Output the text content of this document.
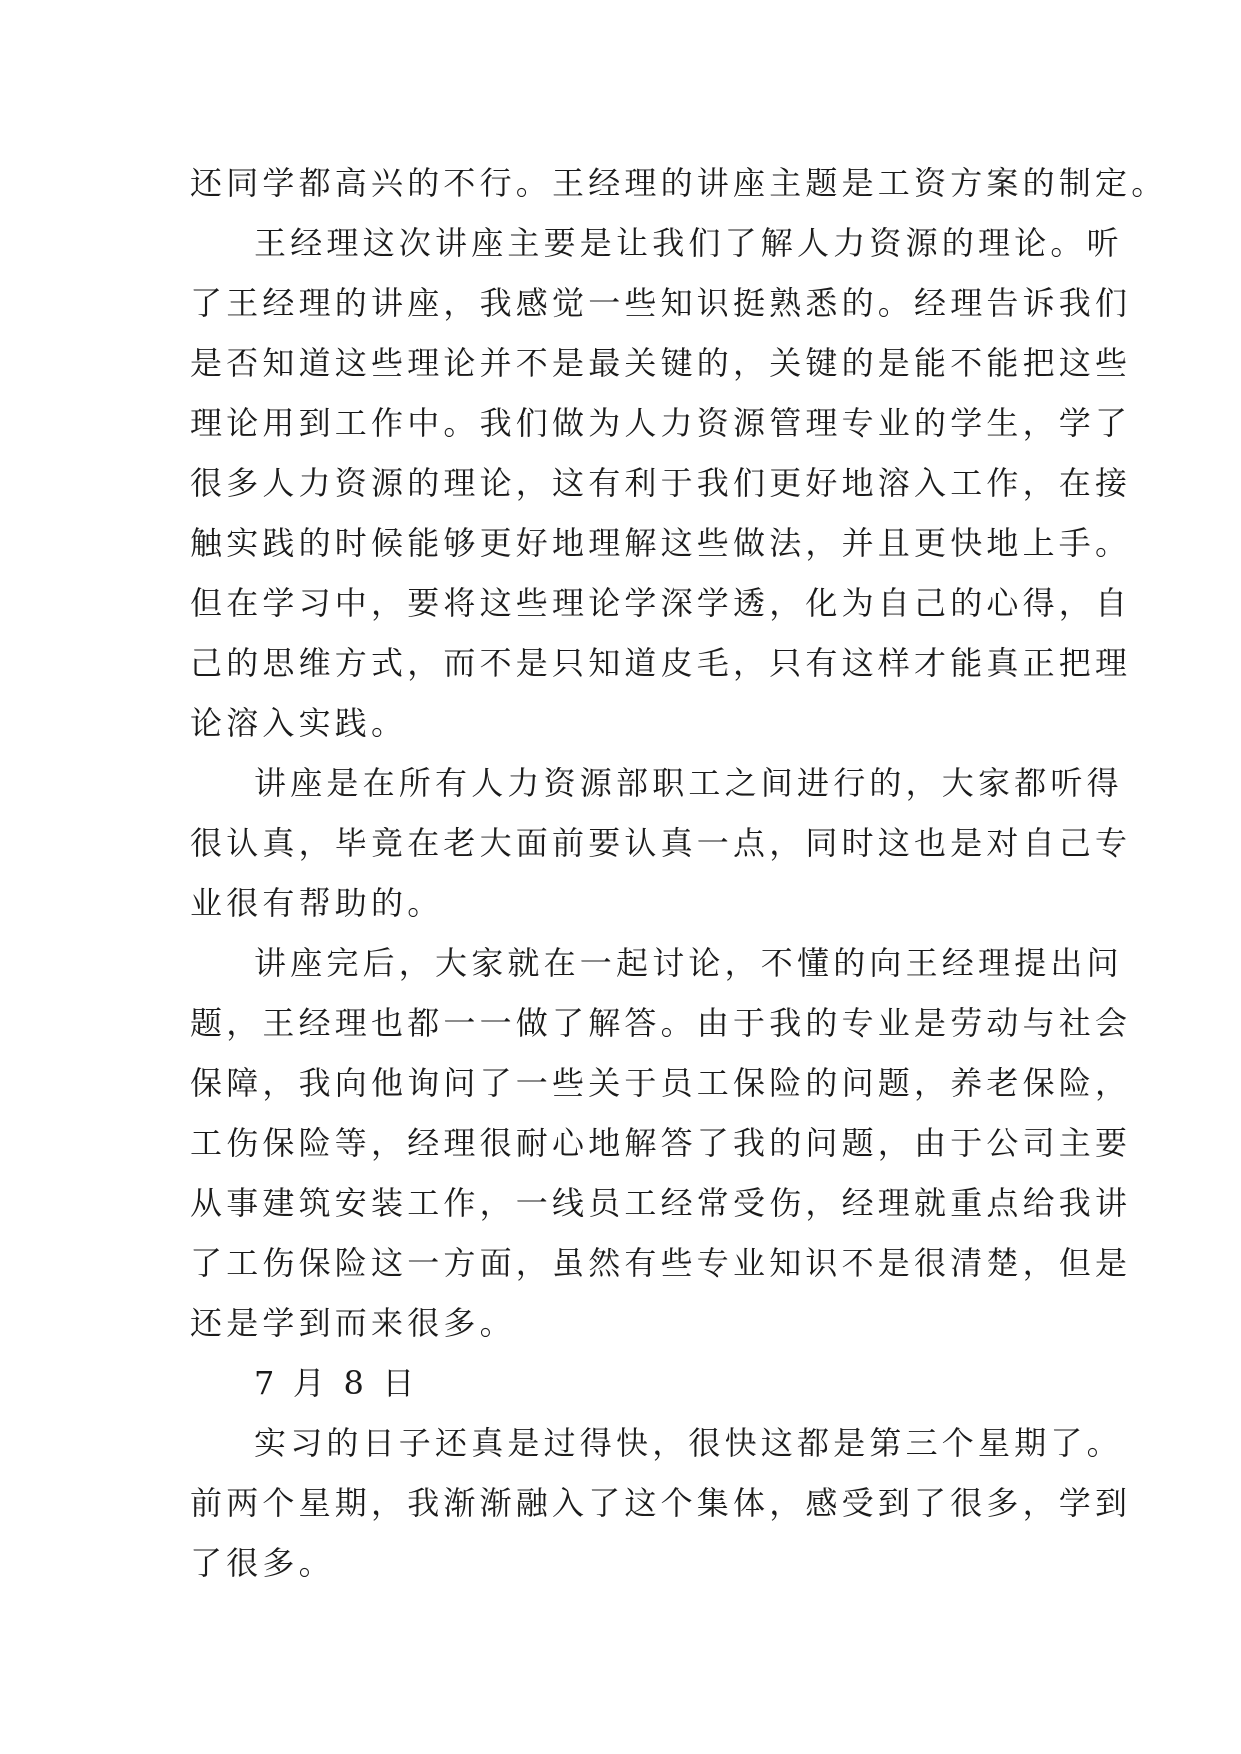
还同学都高兴的不行。王经理的讲座主题是工资方案的制定。
王经理这次讲座主要是让我们了解人力资源的理论。听
了王经理的讲座，我感觉一些知识挺熟悉的。经理告诉我们
是否知道这些理论并不是最关键的，关键的是能不能把这些
理论用到工作中。我们做为人力资源管理专业的学生，学了
很多人力资源的理论，这有利于我们更好地溶入工作，在接
触实践的时候能够更好地理解这些做法，并且更快地上手。
但在学习中，要将这些理论学深学透，化为自己的心得，自
己的思维方式，而不是只知道皮毛，只有这样才能真正把理
论溶入实践。
讲座是在所有人力资源部职工之间进行的，大家都听得
很认真，毕竟在老大面前要认真一点，同时这也是对自己专
业很有帮助的。
讲座完后，大家就在一起讨论，不懂的向王经理提出问
题，王经理也都一一做了解答。由于我的专业是劳动与社会
保障，我向他询问了一些关于员工保险的问题，养老保险，
工伤保险等，经理很耐心地解答了我的问题，由于公司主要
从事建筑安装工作，一线员工经常受伤，经理就重点给我讲
了工伤保险这一方面，虽然有些专业知识不是很清楚，但是
还是学到而来很多。
7 月 8 日
实习的日子还真是过得快，很快这都是第三个星期了。
前两个星期，我渐渐融入了这个集体，感受到了很多，学到
了很多。
